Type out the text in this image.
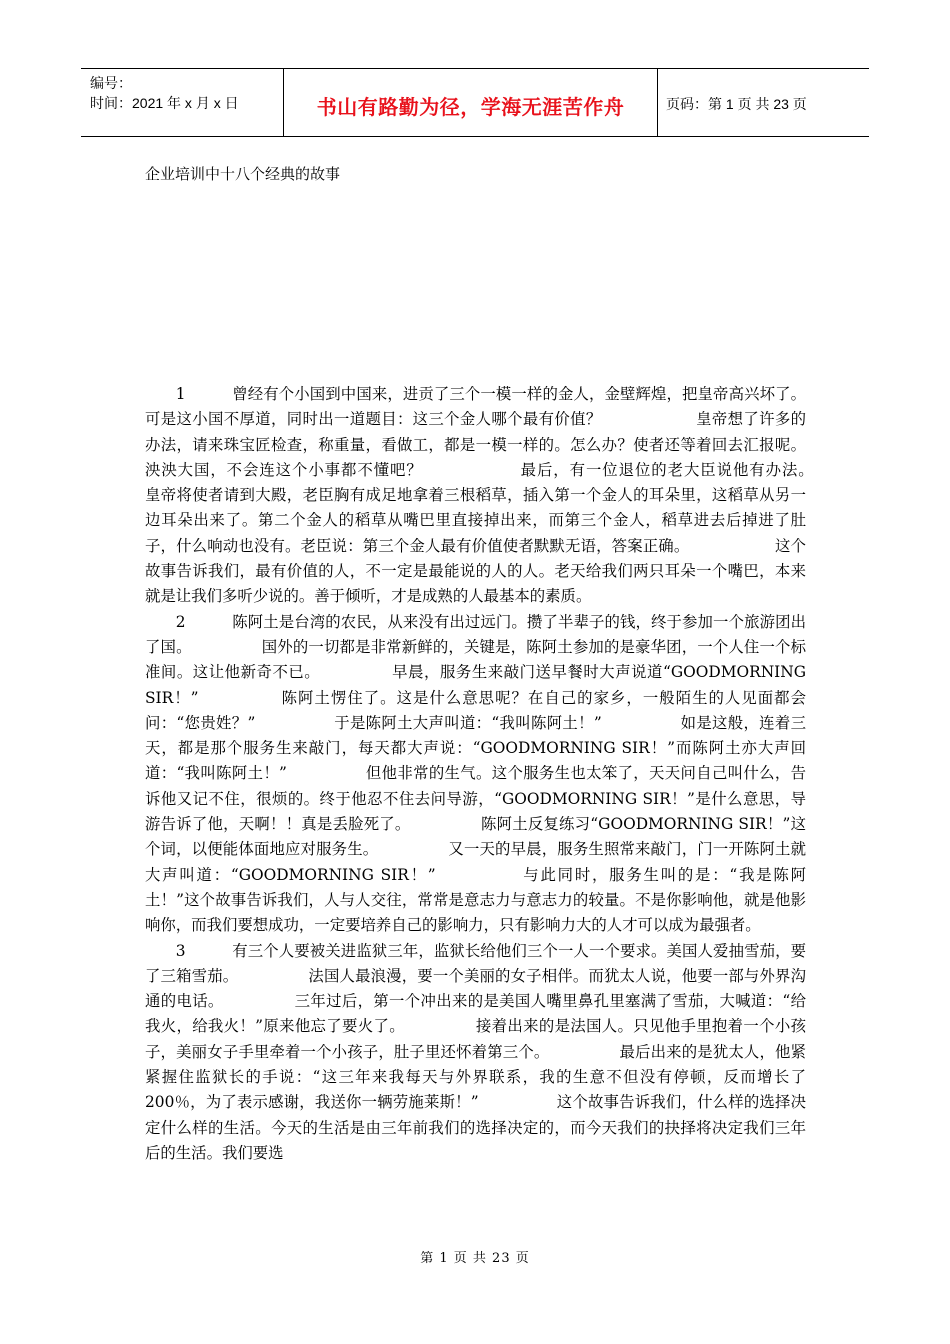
编号：
时间：2021 年 x 月 x 日	书山有路勤为径，学海无涯苦作舟	页码：第 1 页 共 23 页
企业培训中十八个经典的故事

1　　　曾经有个小国到中国来，进贡了三个一模一样的金人，金壁辉煌，把皇帝高兴坏了。可是这小国不厚道，同时出一道题目：这三个金人哪个最有价值？　　　　　　皇帝想了许多的办法，请来珠宝匠检查，称重量，看做工，都是一模一样的。怎么办？使者还等着回去汇报呢。泱泱大国，不会连这个小事都不懂吧？　　　　　　最后，有一位退位的老大臣说他有办法。　　　　　　皇帝将使者请到大殿，老臣胸有成足地拿着三根稻草，插入第一个金人的耳朵里，这稻草从另一边耳朵出来了。第二个金人的稻草从嘴巴里直接掉出来，而第三个金人，稻草进去后掉进了肚子，什么响动也没有。老臣说：第三个金人最有价值使者默默无语，答案正确。　　　　　　这个故事告诉我们，最有价值的人，不一定是最能说的人的人。老天给我们两只耳朵一个嘴巴，本来就是让我们多听少说的。善于倾听，才是成熟的人最基本的素质。

2　　　陈阿土是台湾的农民，从来没有出过远门。攒了半辈子的钱，终于参加一个旅游团出了国。　　　　　国外的一切都是非常新鲜的，关键是，陈阿土参加的是豪华团，一个人住一个标准间。这让他新奇不已。　　　　　早晨，服务生来敲门送早餐时大声说道“GOODMORNING SIR！”　　　　　陈阿土愣住了。这是什么意思呢？在自己的家乡，一般陌生的人见面都会问：“您贵姓？”　　　　　于是陈阿土大声叫道：“我叫陈阿土！”　　　　　如是这般，连着三天，都是那个服务生来敲门，每天都大声说：“GOODMORNING SIR！”而陈阿土亦大声回道：“我叫陈阿土！”　　　　　但他非常的生气。这个服务生也太笨了，天天问自己叫什么，告诉他又记不住，很烦的。终于他忍不住去问导游，“GOODMORNING SIR！”是什么意思，导游告诉了他，天啊！！真是丢脸死了。　　　　　陈阿土反复练习“GOODMORNING SIR！”这个词，以便能体面地应对服务生。　　　　　又一天的早晨，服务生照常来敲门，门一开陈阿土就大声叫道：“GOODMORNING SIR！”　　　　　与此同时，服务生叫的是：“我是陈阿土！”这个故事告诉我们，人与人交往，常常是意志力与意志力的较量。不是你影响他，就是他影响你，而我们要想成功，一定要培养自己的影响力，只有影响力大的人才可以成为最强者。

3　　　有三个人要被关进监狱三年，监狱长给他们三个一人一个要求。美国人爱抽雪茄，要了三箱雪茄。　　　　　法国人最浪漫，要一个美丽的女子相伴。而犹太人说，他要一部与外界沟通的电话。　　　　　三年过后，第一个冲出来的是美国人嘴里鼻孔里塞满了雪茄，大喊道：“给我火，给我火！”原来他忘了要火了。　　　　　接着出来的是法国人。只见他手里抱着一个小孩子，美丽女子手里牵着一个小孩子，肚子里还怀着第三个。　　　　　最后出来的是犹太人，他紧紧握住监狱长的手说：“这三年来我每天与外界联系，我的生意不但没有停顿，反而增长了 200％，为了表示感谢，我送你一辆劳施莱斯！”　　　　　这个故事告诉我们，什么样的选择决定什么样的生活。今天的生活是由三年前我们的选择决定的，而今天我们的抉择将决定我们三年后的生活。我们要选

第 1 页 共 23 页
